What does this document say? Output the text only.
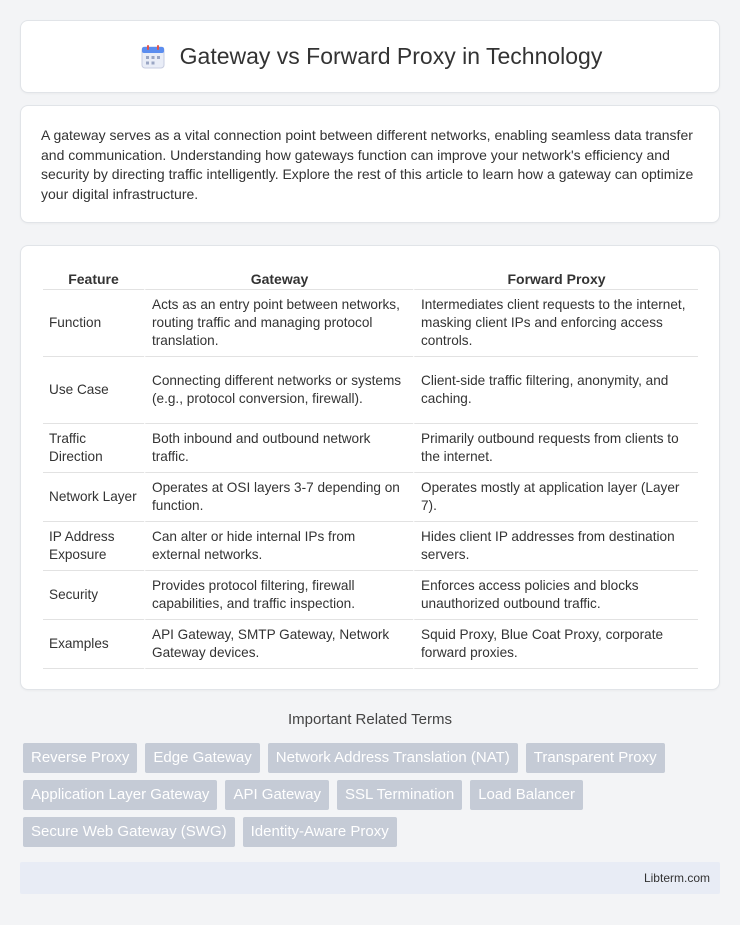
Gateway vs Forward Proxy in Technology

A gateway serves as a vital connection point between different networks, enabling seamless data transfer and communication. Understanding how gateways function can improve your network's efficiency and security by directing traffic intelligently. Explore the rest of this article to learn how a gateway can optimize your digital infrastructure.

Feature	Gateway	Forward Proxy
Function	Acts as an entry point between networks, routing traffic and managing protocol translation.	Intermediates client requests to the internet, masking client IPs and enforcing access controls.
Use Case	Connecting different networks or systems (e.g., protocol conversion, firewall).	Client-side traffic filtering, anonymity, and caching.
Traffic Direction	Both inbound and outbound network traffic.	Primarily outbound requests from clients to the internet.
Network Layer	Operates at OSI layers 3-7 depending on function.	Operates mostly at application layer (Layer 7).
IP Address Exposure	Can alter or hide internal IPs from external networks.	Hides client IP addresses from destination servers.
Security	Provides protocol filtering, firewall capabilities, and traffic inspection.	Enforces access policies and blocks unauthorized outbound traffic.
Examples	API Gateway, SMTP Gateway, Network Gateway devices.	Squid Proxy, Blue Coat Proxy, corporate forward proxies.
Important Related Terms
Reverse Proxy	Edge Gateway	Network Address Translation (NAT)	Transparent Proxy
Application Layer Gateway	API Gateway	SSL Termination	Load Balancer
Secure Web Gateway (SWG)	Identity-Aware Proxy
Libterm.com
